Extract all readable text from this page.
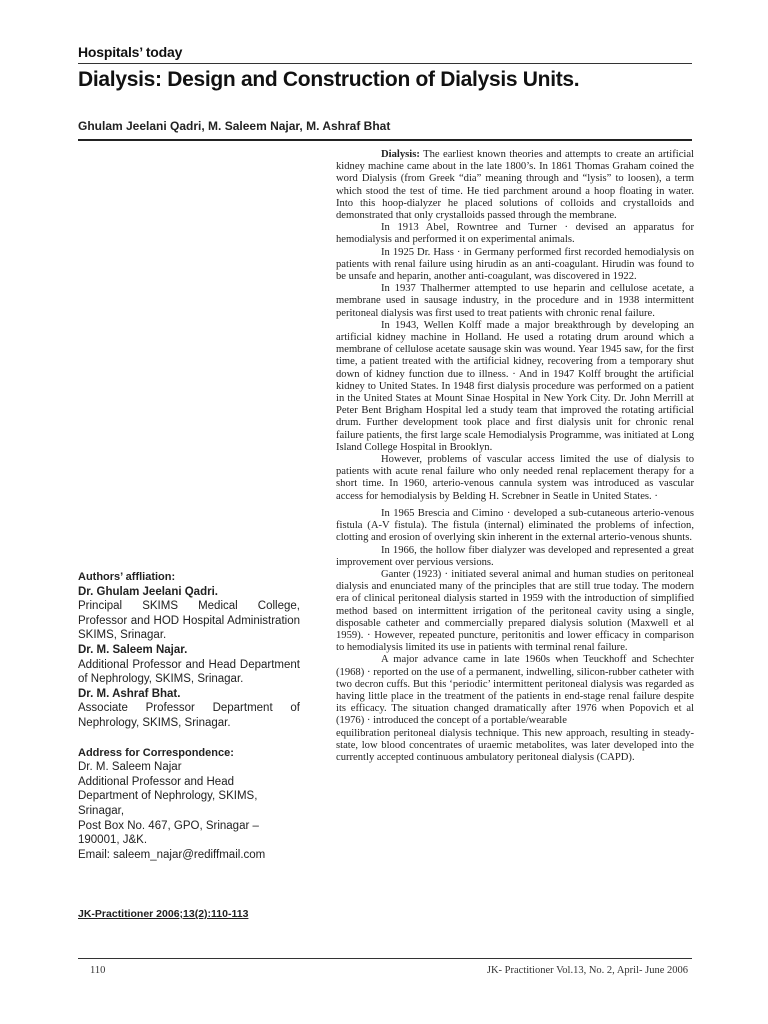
Hospitals’ today
Dialysis: Design and Construction of Dialysis Units.
Ghulam Jeelani Qadri, M. Saleem Najar, M. Ashraf Bhat
Authors’ affliation:
Dr. Ghulam Jeelani Qadri.
Principal SKIMS Medical College, Professor and HOD Hospital Administration SKIMS, Srinagar.
Dr. M. Saleem Najar.
Additional Professor and Head Department of Nephrology, SKIMS, Srinagar.
Dr. M. Ashraf Bhat.
Associate Professor Department of Nephrology, SKIMS, Srinagar.
Address for Correspondence:
Dr. M. Saleem Najar
Additional Professor and Head
Department of Nephrology, SKIMS,
Srinagar,
Post Box No. 467, GPO, Srinagar –
190001, J&K.
Email: saleem_najar@rediffmail.com
JK-Practitioner 2006;13(2):110-113

Dialysis: The earliest known theories and attempts to create an artificial kidney machine came about in the late 1800’s. In 1861 Thomas Graham coined the word Dialysis (from Greek “dia” meaning through and “lysis” to loosen), a term which stood the test of time. He tied parchment around a hoop floating in water. Into this hoop-dialyzer he placed solutions of colloids and crystalloids and demonstrated that only crystalloids passed through the membrane.

In 1913 Abel, Rowntree and Turner · devised an apparatus for hemodialysis and performed it on experimental animals.

In 1925 Dr. Hass · in Germany performed first recorded hemodialysis on patients with renal failure using hirudin as an anti-coagulant. Hirudin was found to be unsafe and heparin, another anti-coagulant, was discovered in 1922.

In 1937 Thalhermer attempted to use heparin and cellulose acetate, a membrane used in sausage industry, in the procedure and in 1938 intermittent peritoneal dialysis was first used to treat patients with chronic renal failure.

In 1943, Wellen Kolff made a major breakthrough by developing an artificial kidney machine in Holland. He used a rotating drum around which a membrane of cellulose acetate sausage skin was wound. Year 1945 saw, for the first time, a patient treated with the artificial kidney, recovering from a temporary shut down of kidney function due to illness. · And in 1947 Kolff brought the artificial kidney to United States. In 1948 first dialysis procedure was performed on a patient in the United States at Mount Sinae Hospital in New York City. Dr. John Merrill at Peter Bent Brigham Hospital led a study team that improved the rotating artificial drum. Further development took place and first dialysis unit for chronic renal failure patients, the first large scale Hemodialysis Programme, was initiated at Long Island College Hospital in Brooklyn.

However, problems of vascular access limited the use of dialysis to patients with acute renal failure who only needed renal replacement therapy for a short time. In 1960, arterio-venous cannula system was introduced as vascular access for hemodialysis by Belding H. Screbner in Seatle in United States. ·

In 1965 Brescia and Cimino · developed a sub-cutaneous arterio-venous fistula (A-V fistula). The fistula (internal) eliminated the problems of infection, clotting and erosion of overlying skin inherent in the external arterio-venous shunts.

In 1966, the hollow fiber dialyzer was developed and represented a great improvement over pervious versions.

Ganter (1923) · initiated several animal and human studies on peritoneal dialysis and enunciated many of the principles that are still true today. The modern era of clinical peritoneal dialysis started in 1959 with the introduction of simplified method based on intermittent irrigation of the peritoneal cavity using a single, disposable catheter and commercially prepared dialysis solution (Maxwell et al 1959). · However, repeated puncture, peritonitis and lower efficacy in comparison to hemodialysis limited its use in patients with terminal renal failure.

A major advance came in late 1960s when Teuckhoff and Schechter (1968) · reported on the use of a permanent, indwelling, silicon-rubber catheter with two decron cuffs. But this ‘periodic’ intermittent peritoneal dialysis was regarded as having little place in the treatment of the patients in end-stage renal failure despite its efficacy. The situation changed dramatically after 1976 when Popovich et al (1976) · introduced the concept of a portable/wearable

equilibration peritoneal dialysis technique. This new approach, resulting in steady-state, low blood concentrates of uraemic metabolites, was later developed into the currently accepted continuous ambulatory peritoneal dialysis (CAPD).

110	JK- Practitioner Vol.13, No. 2, April- June 2006
